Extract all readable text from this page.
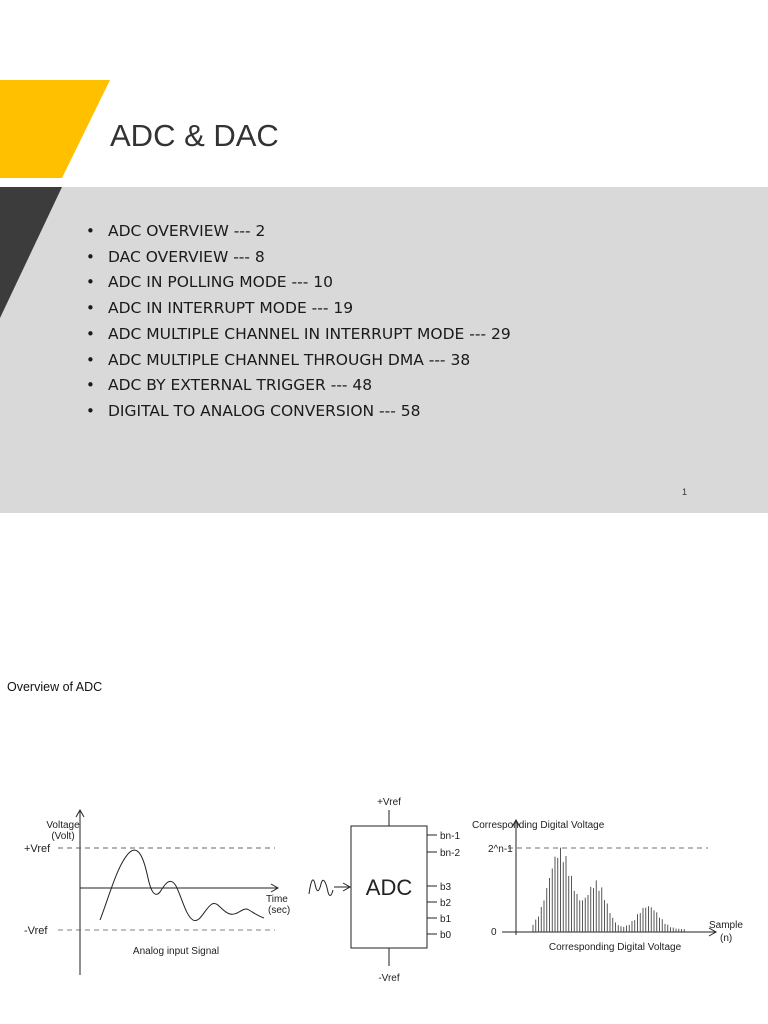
ADC & DAC
• ADC OVERVIEW --- 2
• DAC OVERVIEW --- 8
• ADC IN POLLING MODE --- 10
• ADC IN INTERRUPT MODE --- 19
• ADC MULTIPLE CHANNEL IN INTERRUPT MODE --- 29
• ADC MULTIPLE CHANNEL THROUGH DMA --- 38
• ADC BY EXTERNAL TRIGGER --- 48
• DIGITAL TO ANALOG CONVERSION --- 58
1
Overview of ADC
Voltage
(Volt)
+Vref
-Vref
Time
(sec)
Analog input Signal
ADC
+Vref
-Vref
bn-1
bn-2
b3
b2
b1
b0
Corresponding Digital Voltage
2^n-1
0
Sample
(n)
Corresponding Digital Voltage
